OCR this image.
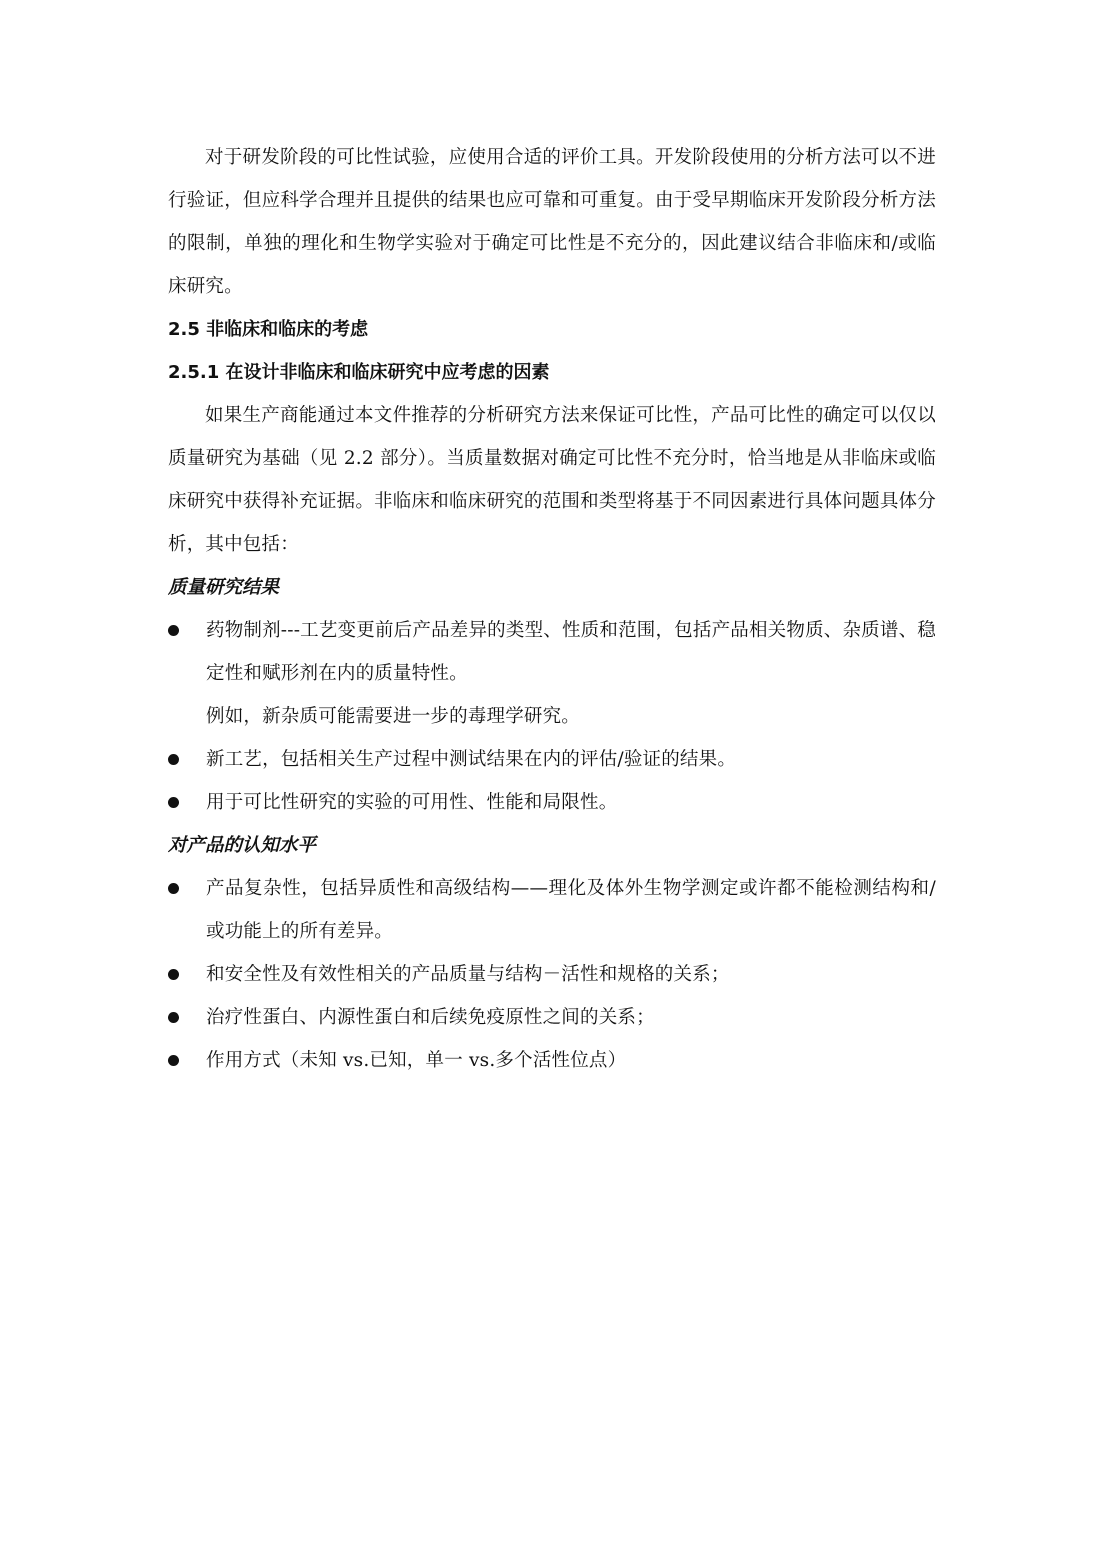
对于研发阶段的可比性试验，应使用合适的评价工具。开发阶段使用的分析方法可以不进行验证，但应科学合理并且提供的结果也应可靠和可重复。由于受早期临床开发阶段分析方法的限制，单独的理化和生物学实验对于确定可比性是不充分的，因此建议结合非临床和/或临床研究。

2.5 非临床和临床的考虑
2.5.1 在设计非临床和临床研究中应考虑的因素

如果生产商能通过本文件推荐的分析研究方法来保证可比性，产品可比性的确定可以仅以质量研究为基础（见 2.2 部分）。当质量数据对确定可比性不充分时，恰当地是从非临床或临床研究中获得补充证据。非临床和临床研究的范围和类型将基于不同因素进行具体问题具体分析，其中包括：

质量研究结果
药物制剂---工艺变更前后产品差异的类型、性质和范围，包括产品相关物质、杂质谱、稳定性和赋形剂在内的质量特性。
例如，新杂质可能需要进一步的毒理学研究。
新工艺，包括相关生产过程中测试结果在内的评估/验证的结果。
用于可比性研究的实验的可用性、性能和局限性。
对产品的认知水平
产品复杂性，包括异质性和高级结构——理化及体外生物学测定或许都不能检测结构和/或功能上的所有差异。
和安全性及有效性相关的产品质量与结构－活性和规格的关系；
治疗性蛋白、内源性蛋白和后续免疫原性之间的关系；
作用方式（未知 vs.已知，单一 vs.多个活性位点）
